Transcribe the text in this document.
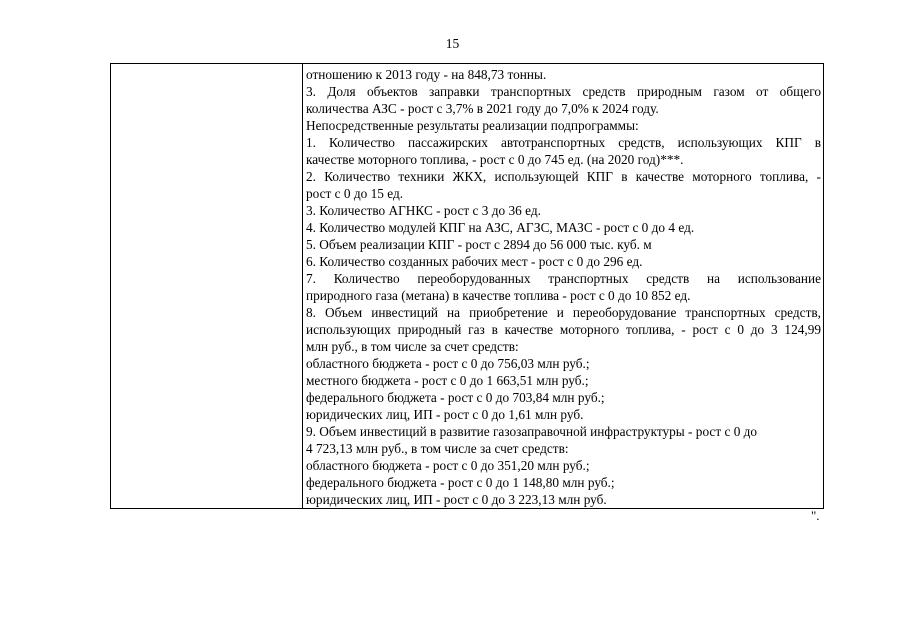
15

отношению к 2013 году - на 848,73 тонны.
3. Доля объектов заправки транспортных средств природным газом от общего
количества АЗС - рост с 3,7% в 2021 году до 7,0% к 2024 году.
Непосредственные результаты реализации подпрограммы:
1. Количество пассажирских автотранспортных средств, использующих КПГ в
качестве моторного топлива, - рост с 0 до 745 ед. (на 2020 год)***.
2. Количество техники ЖКХ, использующей КПГ в качестве моторного топлива, -
рост с 0 до 15 ед.
3. Количество АГНКС - рост с 3 до 36 ед.
4. Количество модулей КПГ на АЗС, АГЗС, МАЗС - рост с 0 до 4 ед.
5. Объем реализации КПГ - рост с 2894 до 56 000 тыс. куб. м
6. Количество созданных рабочих мест - рост с 0 до 296 ед.
7. Количество переоборудованных транспортных средств на использование
природного газа (метана) в качестве топлива - рост с 0 до 10 852 ед.
8. Объем инвестиций на приобретение и переоборудование транспортных средств,
использующих природный газ в качестве моторного топлива, - рост с 0 до 3 124,99
млн руб., в том числе за счет средств:
областного бюджета - рост с 0 до 756,03 млн руб.;
местного бюджета - рост с 0 до 1 663,51 млн руб.;
федерального бюджета - рост с 0 до 703,84 млн руб.;
юридических лиц, ИП - рост с 0 до 1,61 млн руб.
9. Объем инвестиций в развитие газозаправочной инфраструктуры - рост с 0 до
4 723,13 млн руб., в том числе за счет средств:
областного бюджета - рост с 0 до 351,20 млн руб.;
федерального бюджета - рост с 0 до 1 148,80 млн руб.;
юридических лиц, ИП - рост с 0 до 3 223,13 млн руб.
".
